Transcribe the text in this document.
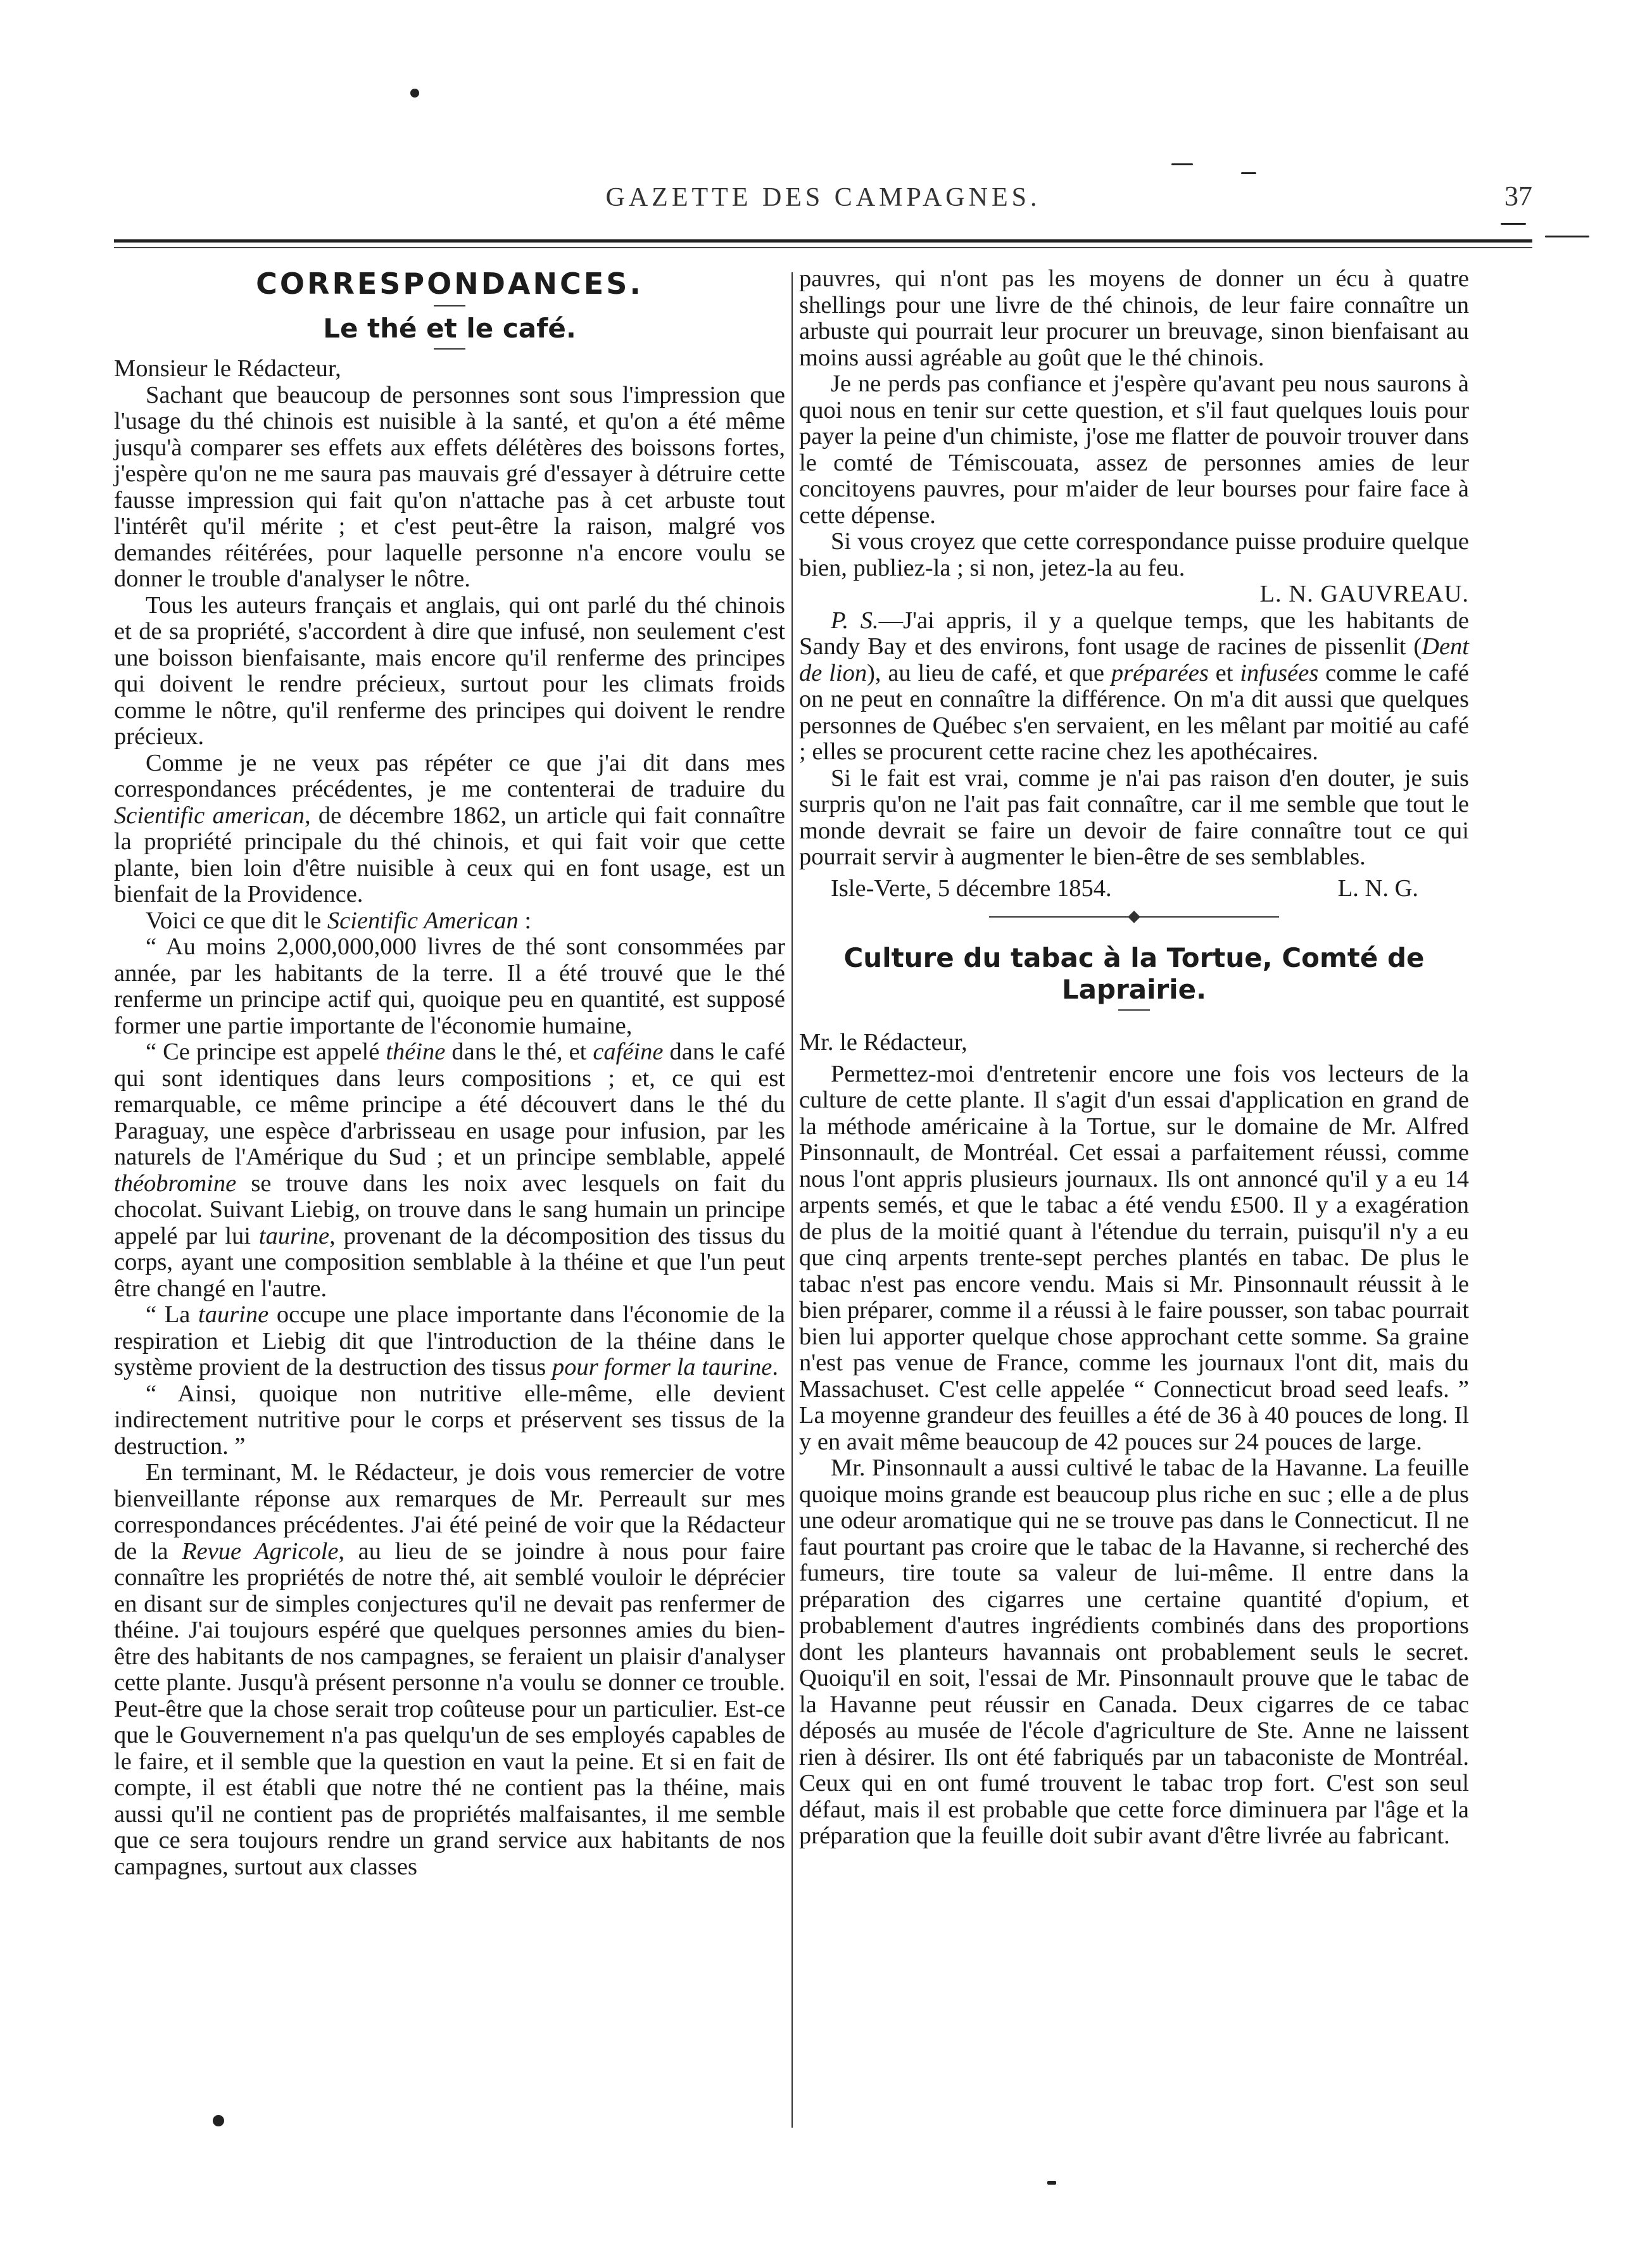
GAZETTE DES CAMPAGNES.	37
CORRESPONDANCES.
Le thé et le café.

Monsieur le Rédacteur,

Sachant que beaucoup de personnes sont sous l'impression que l'usage du thé chinois est nuisible à la santé, et qu'on a été même jusqu'à comparer ses effets aux effets délétères des boissons fortes, j'espère qu'on ne me saura pas mauvais gré d'essayer à détruire cette fausse impression qui fait qu'on n'attache pas à cet arbuste tout l'intérêt qu'il mérite ; et c'est peut-être la raison, malgré vos demandes réitérées, pour laquelle personne n'a encore voulu se donner le trouble d'analyser le nôtre.

Tous les auteurs français et anglais, qui ont parlé du thé chinois et de sa propriété, s'accordent à dire que infusé, non seulement c'est une boisson bienfaisante, mais encore qu'il renferme des principes qui doivent le rendre précieux, surtout pour les climats froids comme le nôtre, qu'il renferme des principes qui doivent le rendre précieux.

Comme je ne veux pas répéter ce que j'ai dit dans mes correspondances précédentes, je me contenterai de traduire du Scientific american, de décembre 1862, un article qui fait connaître la propriété principale du thé chinois, et qui fait voir que cette plante, bien loin d'être nuisible à ceux qui en font usage, est un bienfait de la Providence.

Voici ce que dit le Scientific American :

“ Au moins 2,000,000,000 livres de thé sont consommées par année, par les habitants de la terre. Il a été trouvé que le thé renferme un principe actif qui, quoique peu en quantité, est supposé former une partie importante de l'économie humaine,

“ Ce principe est appelé théine dans le thé, et caféine dans le café qui sont identiques dans leurs compositions ; et, ce qui est remarquable, ce même principe a été découvert dans le thé du Paraguay, une espèce d'arbrisseau en usage pour infusion, par les naturels de l'Amérique du Sud ; et un principe semblable, appelé théobromine se trouve dans les noix avec lesquels on fait du chocolat. Suivant Liebig, on trouve dans le sang humain un principe appelé par lui taurine, provenant de la décomposition des tissus du corps, ayant une composition semblable à la théine et que l'un peut être changé en l'autre.

“ La taurine occupe une place importante dans l'économie de la respiration et Liebig dit que l'introduction de la théine dans le système provient de la destruction des tissus pour former la taurine.

“ Ainsi, quoique non nutritive elle-même, elle devient indirectement nutritive pour le corps et préservent ses tissus de la destruction. ”

En terminant, M. le Rédacteur, je dois vous remercier de votre bienveillante réponse aux remarques de Mr. Perreault sur mes correspondances précédentes. J'ai été peiné de voir que la Rédacteur de la Revue Agricole, au lieu de se joindre à nous pour faire connaître les propriétés de notre thé, ait semblé vouloir le déprécier en disant sur de simples conjectures qu'il ne devait pas renfermer de théine. J'ai toujours espéré que quelques personnes amies du bien-être des habitants de nos campagnes, se feraient un plaisir d'analyser cette plante. Jusqu'à présent personne n'a voulu se donner ce trouble. Peut-être que la chose serait trop coûteuse pour un particulier. Est-ce que le Gouvernement n'a pas quelqu'un de ses employés capables de le faire, et il semble que la question en vaut la peine. Et si en fait de compte, il est établi que notre thé ne contient pas la théine, mais aussi qu'il ne contient pas de propriétés malfaisantes, il me semble que ce sera toujours rendre un grand service aux habitants de nos campagnes, surtout aux classes

pauvres, qui n'ont pas les moyens de donner un écu à quatre shellings pour une livre de thé chinois, de leur faire connaître un arbuste qui pourrait leur procurer un breuvage, sinon bienfaisant au moins aussi agréable au goût que le thé chinois.

Je ne perds pas confiance et j'espère qu'avant peu nous saurons à quoi nous en tenir sur cette question, et s'il faut quelques louis pour payer la peine d'un chimiste, j'ose me flatter de pouvoir trouver dans le comté de Témiscouata, assez de personnes amies de leur concitoyens pauvres, pour m'aider de leur bourses pour faire face à cette dépense.

Si vous croyez que cette correspondance puisse produire quelque bien, publiez-la ; si non, jetez-la au feu.

L. N. GAUVREAU.

P. S.—J'ai appris, il y a quelque temps, que les habitants de Sandy Bay et des environs, font usage de racines de pissenlit (Dent de lion), au lieu de café, et que préparées et infusées comme le café on ne peut en connaître la différence. On m'a dit aussi que quelques personnes de Québec s'en servaient, en les mêlant par moitié au café ; elles se procurent cette racine chez les apothécaires.

Si le fait est vrai, comme je n'ai pas raison d'en douter, je suis surpris qu'on ne l'ait pas fait connaître, car il me semble que tout le monde devrait se faire un devoir de faire connaître tout ce qui pourrait servir à augmenter le bien-être de ses semblables.

Isle-Verte, 5 décembre 1854.	L. N. G.
Culture du tabac à la Tortue, Comté de Laprairie.

Mr. le Rédacteur,

Permettez-moi d'entretenir encore une fois vos lecteurs de la culture de cette plante. Il s'agit d'un essai d'application en grand de la méthode américaine à la Tortue, sur le domaine de Mr. Alfred Pinsonnault, de Montréal. Cet essai a parfaitement réussi, comme nous l'ont appris plusieurs journaux. Ils ont annoncé qu'il y a eu 14 arpents semés, et que le tabac a été vendu £500. Il y a exagération de plus de la moitié quant à l'étendue du terrain, puisqu'il n'y a eu que cinq arpents trente-sept perches plantés en tabac. De plus le tabac n'est pas encore vendu. Mais si Mr. Pinsonnault réussit à le bien préparer, comme il a réussi à le faire pousser, son tabac pourrait bien lui apporter quelque chose approchant cette somme. Sa graine n'est pas venue de France, comme les journaux l'ont dit, mais du Massachuset. C'est celle appelée “ Connecticut broad seed leafs. ” La moyenne grandeur des feuilles a été de 36 à 40 pouces de long. Il y en avait même beaucoup de 42 pouces sur 24 pouces de large.

Mr. Pinsonnault a aussi cultivé le tabac de la Havanne. La feuille quoique moins grande est beaucoup plus riche en suc ; elle a de plus une odeur aromatique qui ne se trouve pas dans le Connecticut. Il ne faut pourtant pas croire que le tabac de la Havanne, si recherché des fumeurs, tire toute sa valeur de lui-même. Il entre dans la préparation des cigarres une certaine quantité d'opium, et probablement d'autres ingrédients combinés dans des proportions dont les planteurs havannais ont probablement seuls le secret. Quoiqu'il en soit, l'essai de Mr. Pinsonnault prouve que le tabac de la Havanne peut réussir en Canada. Deux cigarres de ce tabac déposés au musée de l'école d'agriculture de Ste. Anne ne laissent rien à désirer. Ils ont été fabriqués par un tabaconiste de Montréal. Ceux qui en ont fumé trouvent le tabac trop fort. C'est son seul défaut, mais il est probable que cette force diminuera par l'âge et la préparation que la feuille doit subir avant d'être livrée au fabricant.
